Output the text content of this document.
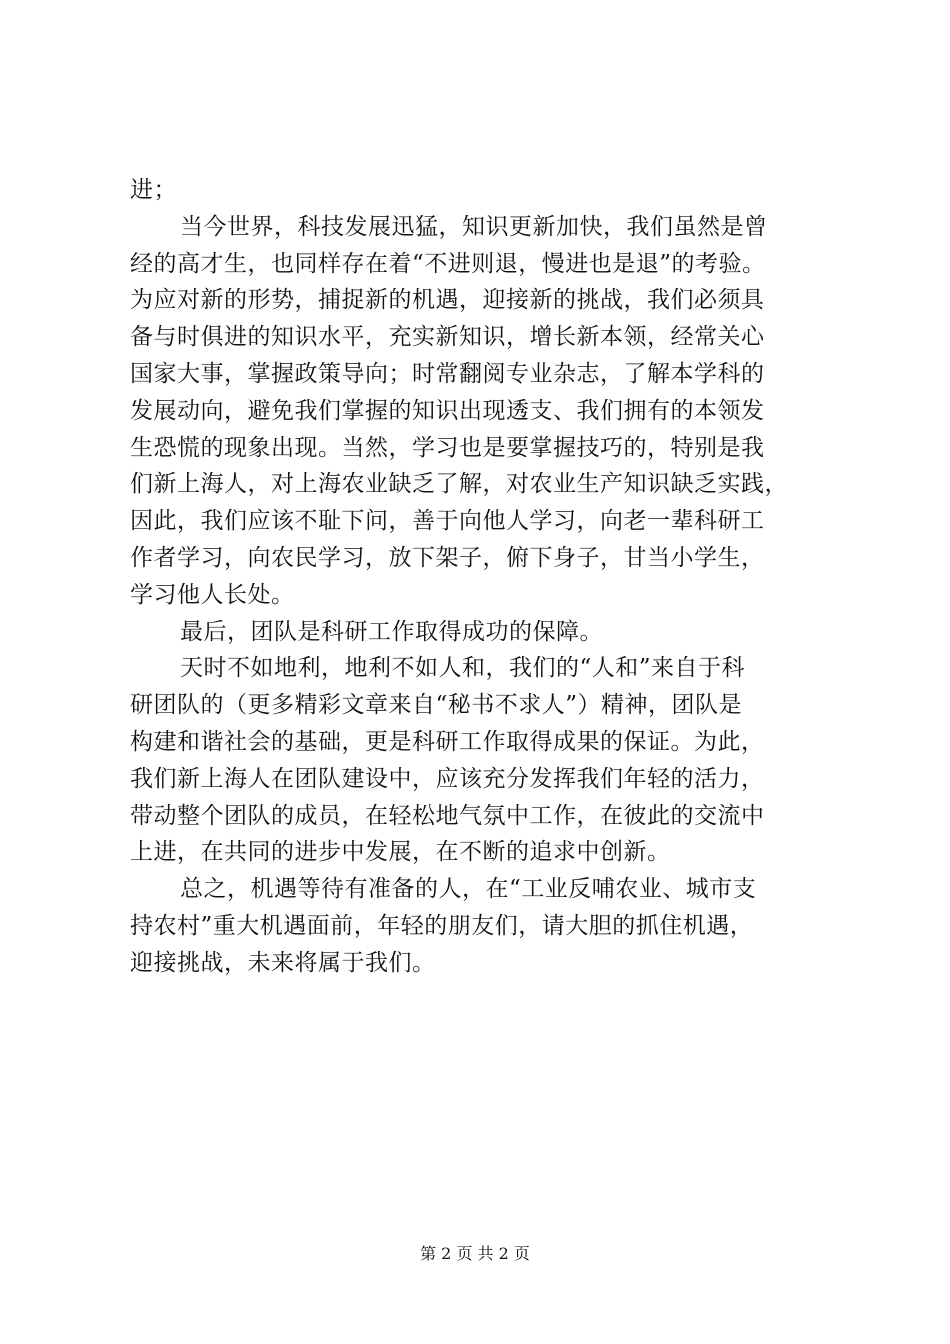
进；
当今世界，科技发展迅猛，知识更新加快，我们虽然是曾
经的高才生，也同样存在着“不进则退，慢进也是退”的考验。
为应对新的形势，捕捉新的机遇，迎接新的挑战，我们必须具
备与时俱进的知识水平，充实新知识，增长新本领，经常关心
国家大事，掌握政策导向；时常翻阅专业杂志，了解本学科的
发展动向，避免我们掌握的知识出现透支、我们拥有的本领发
生恐慌的现象出现。当然，学习也是要掌握技巧的，特别是我
们新上海人，对上海农业缺乏了解，对农业生产知识缺乏实践，
因此，我们应该不耻下问，善于向他人学习，向老一辈科研工
作者学习，向农民学习，放下架子，俯下身子，甘当小学生，
学习他人长处。
最后，团队是科研工作取得成功的保障。
天时不如地利，地利不如人和，我们的“人和”来自于科
研团队的（更多精彩文章来自“秘书不求人”）精神，团队是
构建和谐社会的基础，更是科研工作取得成果的保证。为此，
我们新上海人在团队建设中，应该充分发挥我们年轻的活力，
带动整个团队的成员，在轻松地气氛中工作，在彼此的交流中
上进，在共同的进步中发展，在不断的追求中创新。
总之，机遇等待有准备的人，在“工业反哺农业、城市支
持农村”重大机遇面前，年轻的朋友们，请大胆的抓住机遇，
迎接挑战，未来将属于我们。
第 2 页 共 2 页
